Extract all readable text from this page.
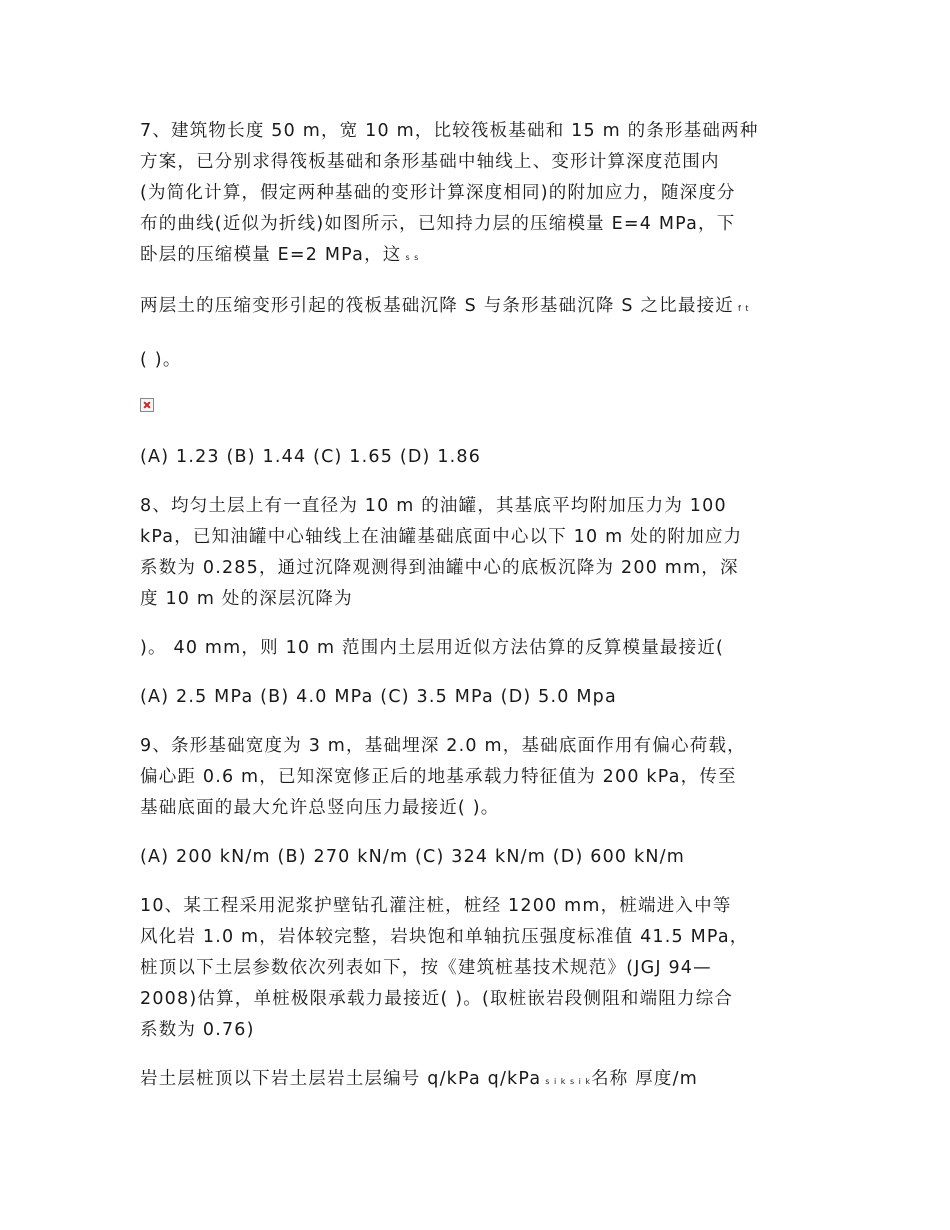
7、建筑物长度 50 m，宽 10 m，比较筏板基础和 15 m 的条形基础两种
方案，已分别求得筏板基础和条形基础中轴线上、变形计算深度范围内
(为简化计算，假定两种基础的变形计算深度相同)的附加应力，随深度分
布的曲线(近似为折线)如图所示，已知持力层的压缩模量 E=4 MPa，下
卧层的压缩模量 E=2 MPa，这 s s

两层土的压缩变形引起的筏板基础沉降 S 与条形基础沉降 S 之比最接近 f t

( )。

(A) 1.23 (B) 1.44 (C) 1.65 (D) 1.86

8、均匀土层上有一直径为 10 m 的油罐，其基底平均附加压力为 100
kPa，已知油罐中心轴线上在油罐基础底面中心以下 10 m 处的附加应力
系数为 0.285，通过沉降观测得到油罐中心的底板沉降为 200 mm，深
度 10 m 处的深层沉降为

)。 40 mm，则 10 m 范围内土层用近似方法估算的反算模量最接近(

(A) 2.5 MPa (B) 4.0 MPa (C) 3.5 MPa (D) 5.0 Mpa

9、条形基础宽度为 3 m，基础埋深 2.0 m，基础底面作用有偏心荷载，
偏心距 0.6 m，已知深宽修正后的地基承载力特征值为 200 kPa，传至
基础底面的最大允许总竖向压力最接近( )。

(A) 200 kN/m (B) 270 kN/m (C) 324 kN/m (D) 600 kN/m

10、某工程采用泥浆护壁钻孔灌注桩，桩经 1200 mm，桩端进入中等
风化岩 1.0 m，岩体较完整，岩块饱和单轴抗压强度标准值 41.5 MPa，
桩顶以下土层参数依次列表如下，按《建筑桩基技术规范》(JGJ 94—
2008)估算，单桩极限承载力最接近( )。(取桩嵌岩段侧阻和端阻力综合
系数为 0.76)

岩土层桩顶以下岩土层岩土层编号 q/kPa q/kPa s i k s i k名称 厚度/m
